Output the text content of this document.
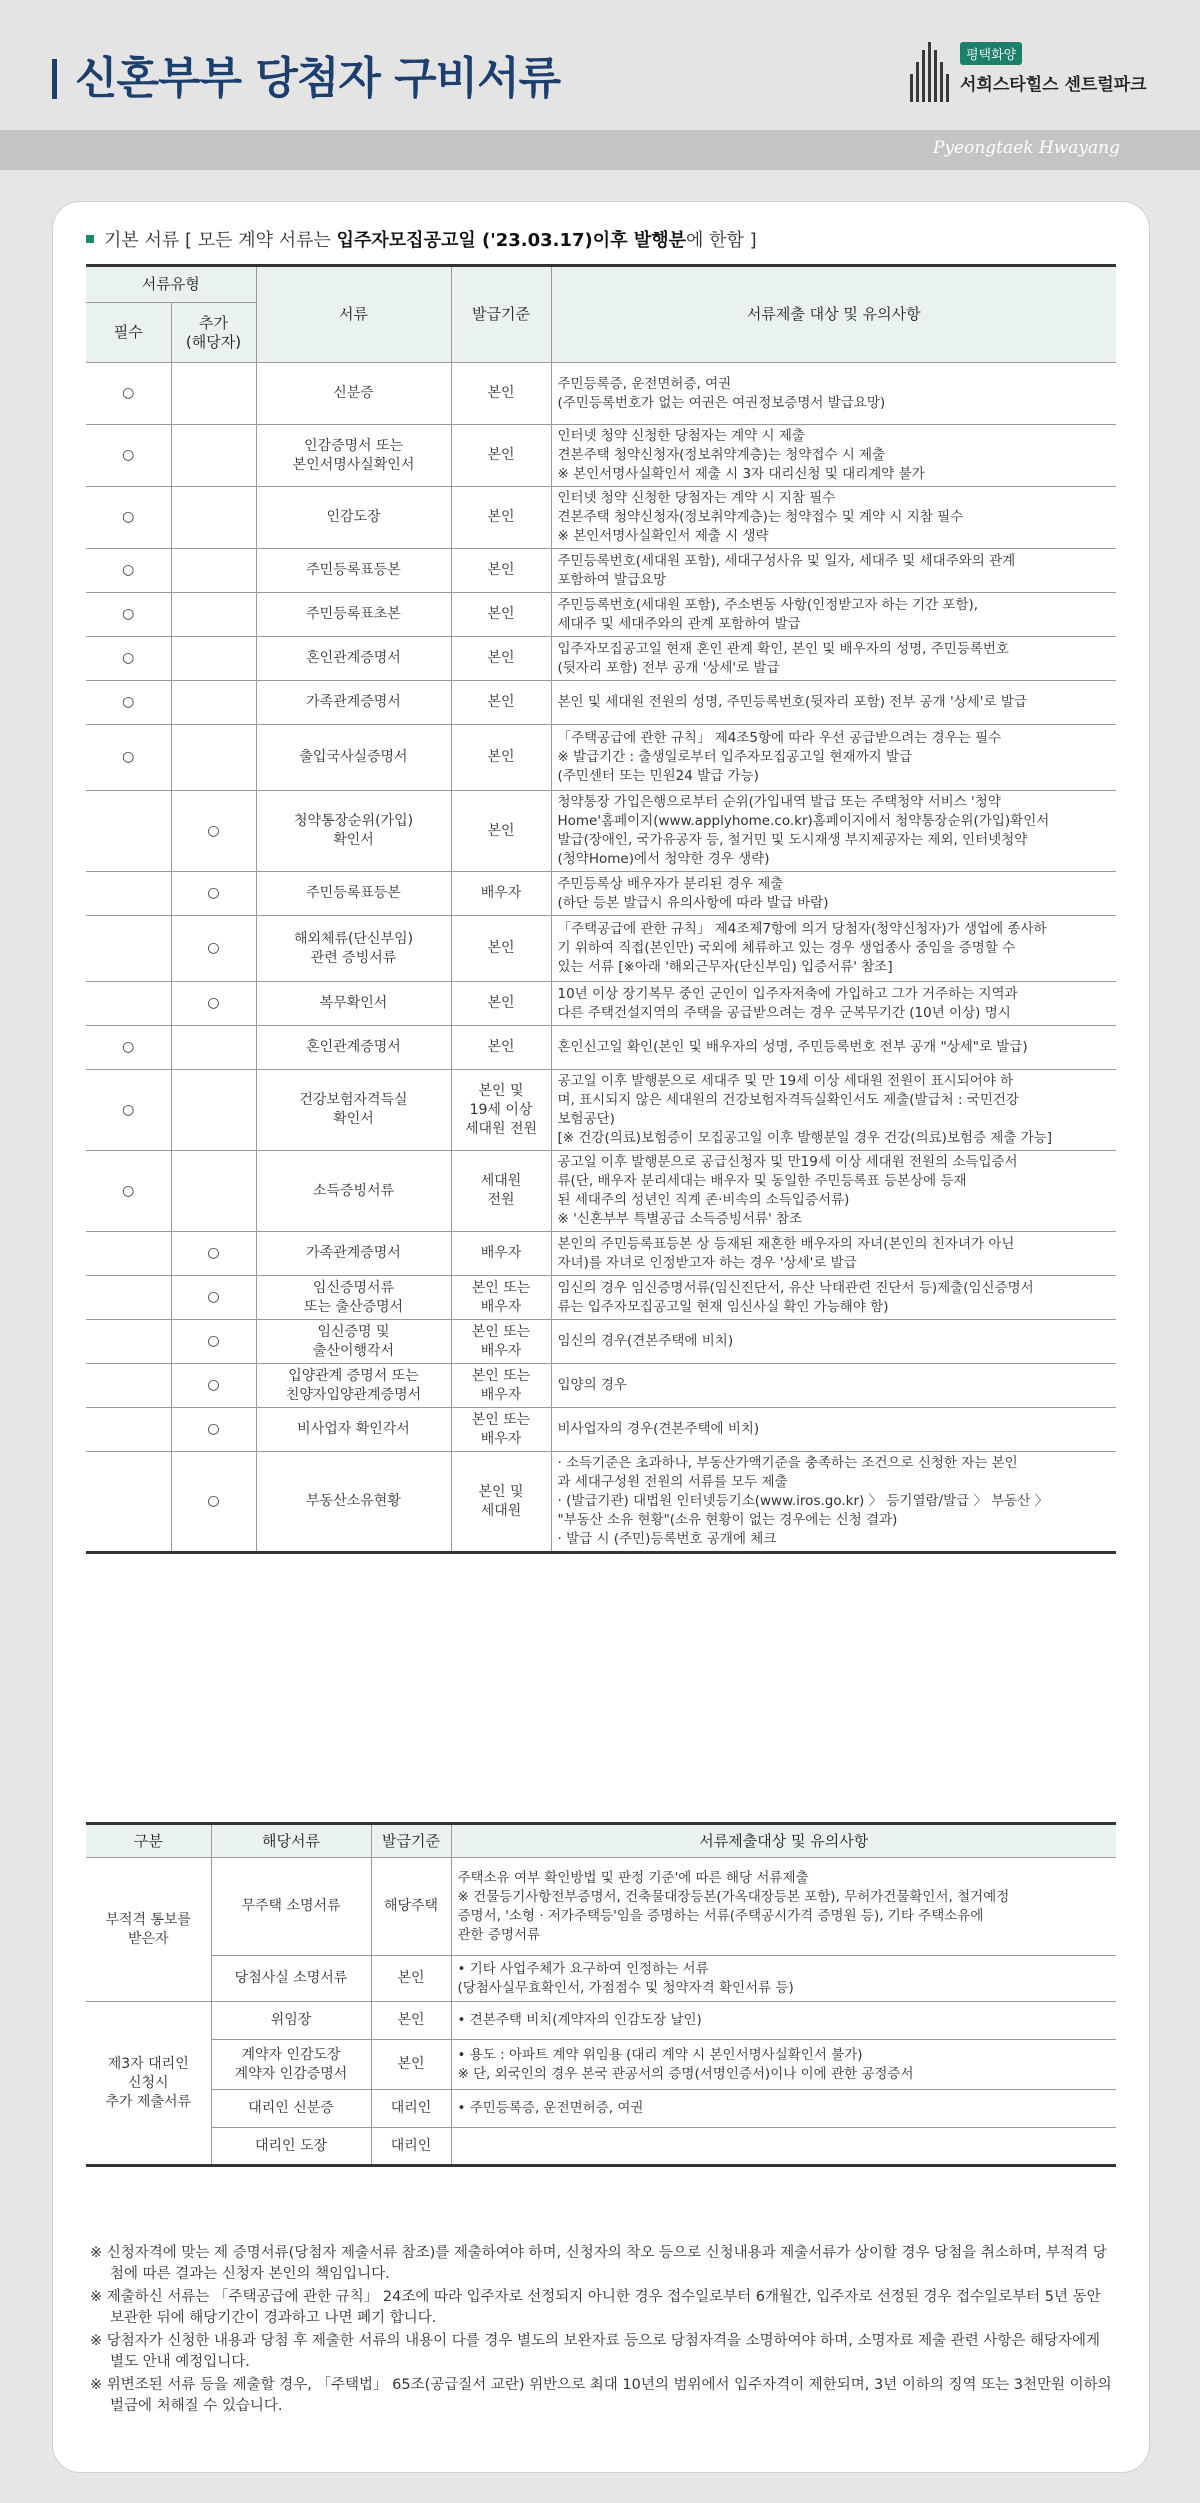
신혼부부 당첨자 구비서류	평택화양
서희스타힐스 센트럴파크
Pyeongtaek Hwayang
기본 서류 [ 모든 계약 서류는 입주자모집공고일 ('23.03.17)이후 발행분에 한함 ]
서류유형		서류	발급기준	서류제출 대상 및 유의사항
필수	추가
(해당자)			
○		신분증	본인	주민등록증, 운전면허증, 여권
(주민등록번호가 없는 여권은 여권정보증명서 발급요망)
○		인감증명서 또는
본인서명사실확인서	본인	인터넷 청약 신청한 당첨자는 계약 시 제출
견본주택 청약신청자(정보취약계층)는 청약접수 시 제출
※ 본인서명사실확인서 제출 시 3자 대리신청 및 대리계약 불가
○		인감도장	본인	인터넷 청약 신청한 당첨자는 계약 시 지참 필수
견본주택 청약신청자(정보취약계층)는 청약접수 및 계약 시 지참 필수
※ 본인서명사실확인서 제출 시 생략
○		주민등록표등본	본인	주민등록번호(세대원 포함), 세대구성사유 및 일자, 세대주 및 세대주와의 관계
포함하여 발급요망
○		주민등록표초본	본인	주민등록번호(세대원 포함), 주소변동 사항(인정받고자 하는 기간 포함),
세대주 및 세대주와의 관계 포함하여 발급
○		혼인관계증명서	본인	입주자모집공고일 현재 혼인 관계 확인, 본인 및 배우자의 성명, 주민등록번호
(뒷자리 포함) 전부 공개 '상세'로 발급
○		가족관계증명서	본인	본인 및 세대원 전원의 성명, 주민등록번호(뒷자리 포함) 전부 공개 '상세'로 발급
○		출입국사실증명서	본인	「주택공급에 관한 규칙」 제4조5항에 따라 우선 공급받으려는 경우는 필수
※ 발급기간 : 출생일로부터 입주자모집공고일 현재까지 발급
(주민센터 또는 민원24 발급 가능)
	○	청약통장순위(가입)
확인서	본인	청약통장 가입은행으로부터 순위(가입내역 발급 또는 주택청약 서비스 '청약
Home'홈페이지(www.applyhome.co.kr)홈페이지에서 청약통장순위(가입)확인서
발급(장애인, 국가유공자 등, 철거민 및 도시재생 부지제공자는 제외, 인터넷청약
(청약Home)에서 청약한 경우 생략)
	○	주민등록표등본	배우자	주민등록상 배우자가 분리된 경우 제출
(하단 등본 발급시 유의사항에 따라 발급 바람)
	○	해외체류(단신부임)
관련 증빙서류	본인	「주택공급에 관한 규칙」 제4조제7항에 의거 당첨자(청약신청자)가 생업에 종사하
기 위하여 직접(본인만) 국외에 체류하고 있는 경우 생업종사 중임을 증명할 수
있는 서류 [※아래 '해외근무자(단신부임) 입증서류' 참조]
	○	복무확인서	본인	10년 이상 장기복무 중인 군인이 입주자저축에 가입하고 그가 거주하는 지역과
다른 주택건설지역의 주택을 공급받으려는 경우 군복무기간 (10년 이상) 명시
○		혼인관계증명서	본인	혼인신고일 확인(본인 및 배우자의 성명, 주민등록번호 전부 공개 "상세"로 발급)
○		건강보험자격득실
확인서	본인 및
19세 이상
세대원 전원	공고일 이후 발행분으로 세대주 및 만 19세 이상 세대원 전원이 표시되어야 하
며, 표시되지 않은 세대원의 건강보험자격득실확인서도 제출(발급처 : 국민건강
보험공단)
[※ 건강(의료)보험증이 모집공고일 이후 발행분일 경우 건강(의료)보험증 제출 가능]
○		소득증빙서류	세대원
전원	공고일 이후 발행분으로 공급신청자 및 만19세 이상 세대원 전원의 소득입증서
류(단, 배우자 분리세대는 배우자 및 동일한 주민등록표 등본상에 등재
된 세대주의 성년인 직계 존·비속의 소득입증서류)
※ '신혼부부 특별공급 소득증빙서류' 참조
	○	가족관계증명서	배우자	본인의 주민등록표등본 상 등재된 재혼한 배우자의 자녀(본인의 친자녀가 아닌
자녀)를 자녀로 인정받고자 하는 경우 '상세'로 발급
	○	임신증명서류
또는 출산증명서	본인 또는
배우자	임신의 경우 임신증명서류(임신진단서, 유산 낙태관련 진단서 등)제출(임신증명서
류는 입주자모집공고일 현재 임신사실 확인 가능해야 함)
	○	임신증명 및
출산이행각서	본인 또는
배우자	임신의 경우(견본주택에 비치)
	○	입양관계 증명서 또는
친양자입양관계증명서	본인 또는
배우자	입양의 경우
	○	비사업자 확인각서	본인 또는
배우자	비사업자의 경우(견본주택에 비치)
	○	부동산소유현황	본인 및
세대원	· 소득기준은 초과하나, 부동산가액기준을 충족하는 조건으로 신청한 자는 본인
과 세대구성원 전원의 서류를 모두 제출
· (발급기관) 대법원 인터넷등기소(www.iros.go.kr) 〉 등기열람/발급 〉 부동산 〉
"부동산 소유 현황"(소유 현황이 없는 경우에는 신청 결과)
· 발급 시 (주민)등록번호 공개에 체크
구분	해당서류	발급기준	서류제출대상 및 유의사항
부적격 통보를
받은자	무주택 소명서류	해당주택	주택소유 여부 확인방법 및 판정 기준'에 따른 해당 서류제출
※ 건물등기사항전부증명서, 건축물대장등본(가옥대장등본 포함), 무허가건물확인서, 철거예정
증명서, '소형 · 저가주택등'임을 증명하는 서류(주택공시가격 증명원 등), 기타 주택소유에
관한 증명서류
	당첨사실 소명서류	본인	• 기타 사업주체가 요구하여 인정하는 서류
(당첨사실무효확인서, 가점점수 및 청약자격 확인서류 등)
제3자 대리인
신청시
추가 제출서류	위임장	본인	• 견본주택 비치(계약자의 인감도장 날인)
	계약자 인감도장
계약자 인감증명서	본인	• 용도 : 아파트 계약 위임용 (대리 계약 시 본인서명사실확인서 불가)
※ 단, 외국인의 경우 본국 관공서의 증명(서명인증서)이나 이에 관한 공정증서
	대리인 신분증	대리인	• 주민등록증, 운전면허증, 여권
	대리인 도장	대리인	
※ 신청자격에 맞는 제 증명서류(당첨자 제출서류 참조)를 제출하여야 하며, 신청자의 착오 등으로 신청내용과 제출서류가 상이할 경우 당첨을 취소하며, 부적격 당첨에 따른 결과는 신청자 본인의 책임입니다.
※ 제출하신 서류는 「주택공급에 관한 규칙」 24조에 따라 입주자로 선정되지 아니한 경우 접수일로부터 6개월간, 입주자로 선정된 경우 접수일로부터 5년 동안 보관한 뒤에 해당기간이 경과하고 나면 폐기 합니다.
※ 당첨자가 신청한 내용과 당첨 후 제출한 서류의 내용이 다를 경우 별도의 보완자료 등으로 당첨자격을 소명하여야 하며, 소명자료 제출 관련 사항은 해당자에게 별도 안내 예정입니다.
※ 위변조된 서류 등을 제출할 경우, 「주택법」 65조(공급질서 교란) 위반으로 최대 10년의 범위에서 입주자격이 제한되며, 3년 이하의 징역 또는 3천만원 이하의 벌금에 처해질 수 있습니다.
